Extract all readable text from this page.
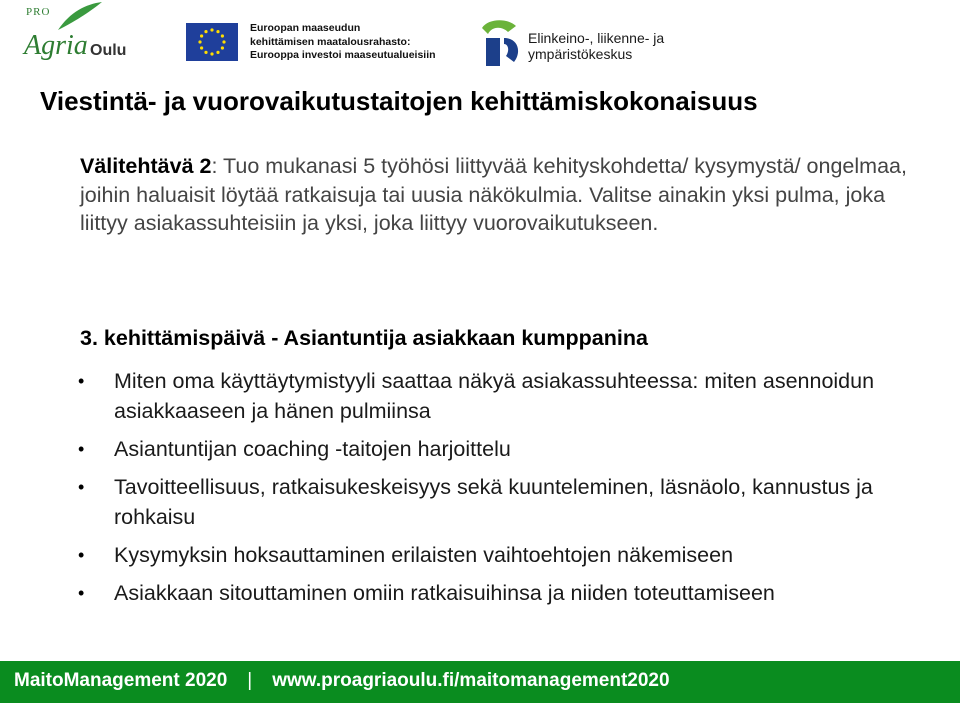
PRO
Agria Oulu
Euroopan maaseudun
kehittämisen maatalousrahasto:
Eurooppa investoi maaseutualueisiin
Elinkeino-, liikenne- ja
ympäristökeskus
Viestintä- ja vuorovaikutustaitojen kehittämiskokonaisuus
Välitehtävä 2: Tuo mukanasi 5 työhösi liittyvää kehityskohdetta/ kysymystä/ ongelmaa, joihin haluaisit löytää ratkaisuja tai uusia näkökulmia. Valitse ainakin yksi pulma, joka liittyy asiakassuhteisiin ja yksi, joka liittyy vuorovaikutukseen.
3. kehittämispäivä - Asiantuntija asiakkaan kumppanina
• Miten oma käyttäytymistyyli saattaa näkyä asiakassuhteessa: miten asennoidun asiakkaaseen ja hänen pulmiinsa
• Asiantuntijan coaching -taitojen harjoittelu
• Tavoitteellisuus, ratkaisukeskeisyys sekä kuunteleminen, läsnäolo, kannustus ja rohkaisu
• Kysymyksin hoksauttaminen erilaisten vaihtoehtojen näkemiseen
• Asiakkaan sitouttaminen omiin ratkaisuihinsa ja niiden toteuttamiseen
MaitoManagement 2020 | www.proagriaoulu.fi/maitomanagement2020
